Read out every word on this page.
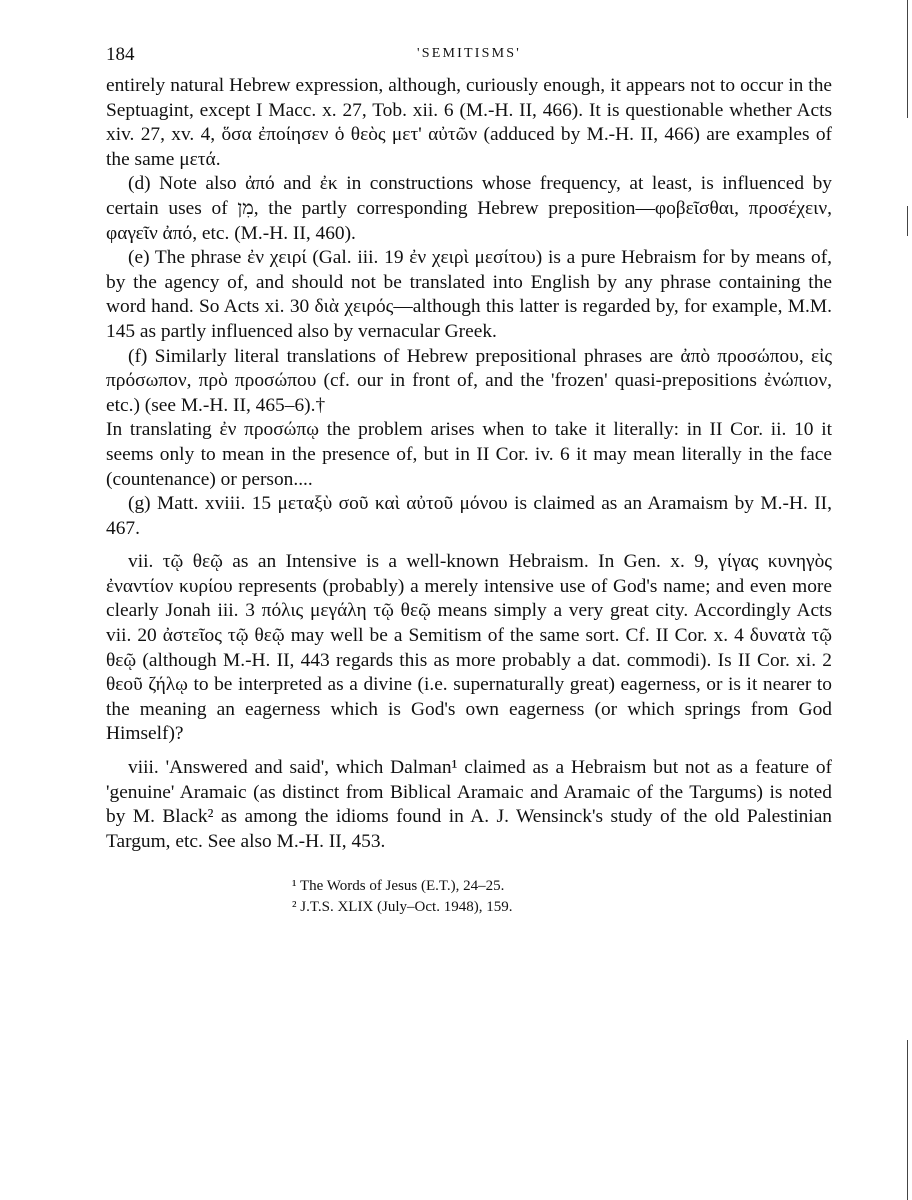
184	'SEMITISMS'

entirely natural Hebrew expression, although, curiously enough, it appears not to occur in the Septuagint, except I Macc. x. 27, Tob. xii. 6 (M.-H. II, 466). It is questionable whether Acts xiv. 27, xv. 4, ὅσα ἐποίησεν ὁ θεὸς μετ' αὐτῶν (adduced by M.-H. II, 466) are examples of the same μετά.

(d) Note also ἀπό and ἐκ in constructions whose frequency, at least, is influenced by certain uses of מִן, the partly corresponding Hebrew preposition—φοβεῖσθαι, προσέχειν, φαγεῖν ἀπό, etc. (M.-H. II, 460).

(e) The phrase ἐν χειρί (Gal. iii. 19 ἐν χειρὶ μεσίτου) is a pure Hebraism for by means of, by the agency of, and should not be translated into English by any phrase containing the word hand. So Acts xi. 30 διὰ χειρός—although this latter is regarded by, for example, M.M. 145 as partly influenced also by vernacular Greek.

(f) Similarly literal translations of Hebrew prepositional phrases are ἀπὸ προσώπου, εἰς πρόσωπον, πρὸ προσώπου (cf. our in front of, and the 'frozen' quasi-prepositions ἐνώπιον, etc.) (see M.-H. II, 465–6).†

In translating ἐν προσώπῳ the problem arises when to take it literally: in II Cor. ii. 10 it seems only to mean in the presence of, but in II Cor. iv. 6 it may mean literally in the face (countenance) or person....

(g) Matt. xviii. 15 μεταξὺ σοῦ καὶ αὐτοῦ μόνου is claimed as an Aramaism by M.-H. II, 467.

vii. τῷ θεῷ as an Intensive is a well-known Hebraism. In Gen. x. 9, γίγας κυνηγὸς ἐναντίον κυρίου represents (probably) a merely intensive use of God's name; and even more clearly Jonah iii. 3 πόλις μεγάλη τῷ θεῷ means simply a very great city. Accordingly Acts vii. 20 ἀστεῖος τῷ θεῷ may well be a Semitism of the same sort. Cf. II Cor. x. 4 δυνατὰ τῷ θεῷ (although M.-H. II, 443 regards this as more probably a dat. commodi). Is II Cor. xi. 2 θεοῦ ζήλῳ to be interpreted as a divine (i.e. supernaturally great) eagerness, or is it nearer to the meaning an eagerness which is God's own eagerness (or which springs from God Himself)?

viii. 'Answered and said', which Dalman¹ claimed as a Hebraism but not as a feature of 'genuine' Aramaic (as distinct from Biblical Aramaic and Aramaic of the Targums) is noted by M. Black² as among the idioms found in A. J. Wensinck's study of the old Palestinian Targum, etc. See also M.-H. II, 453.

¹ The Words of Jesus (E.T.), 24–25.
² J.T.S. XLIX (July–Oct. 1948), 159.
